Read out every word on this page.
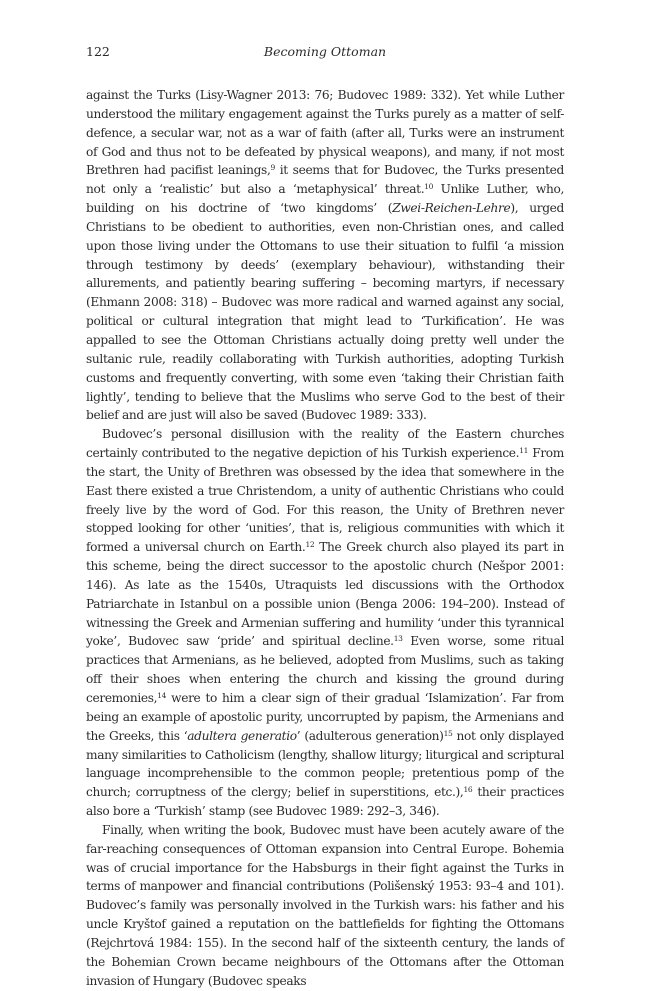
122	Becoming Ottoman

against the Turks (Lisy-Wagner 2013: 76; Budovec 1989: 332). Yet while Luther understood the military engagement against the Turks purely as a matter of self-defence, a secular war, not as a war of faith (after all, Turks were an instrument of God and thus not to be defeated by physical weapons), and many, if not most Brethren had pacifist leanings,$^9$ it seems that for Budovec, the Turks presented not only a ‘realistic’ but also a ‘metaphysical’ threat.$^{10}$ Unlike Luther, who, building on his doctrine of ‘two kingdoms’ (Zwei-Reichen-Lehre), urged Christians to be obedient to authorities, even non-Christian ones, and called upon those living under the Ottomans to use their situation to fulfil ‘a mission through testimony by deeds’ (exemplary behaviour), withstanding their allurements, and patiently bearing suffering – becoming martyrs, if necessary (Ehmann 2008: 318) – Budovec was more radical and warned against any social, political or cultural integration that might lead to ‘Turkification’. He was appalled to see the Ottoman Christians actually doing pretty well under the sultanic rule, readily collaborating with Turkish authorities, adopting Turkish customs and frequently converting, with some even ‘taking their Christian faith lightly’, tending to believe that the Muslims who serve God to the best of their belief and are just will also be saved (Budovec 1989: 333).

Budovec’s personal disillusion with the reality of the Eastern churches certainly contributed to the negative depiction of his Turkish experience.$^{11}$ From the start, the Unity of Brethren was obsessed by the idea that somewhere in the East there existed a true Christendom, a unity of authentic Christians who could freely live by the word of God. For this reason, the Unity of Brethren never stopped looking for other ‘unities’, that is, religious communities with which it formed a universal church on Earth.$^{12}$ The Greek church also played its part in this scheme, being the direct successor to the apostolic church (Nešpor 2001: 146). As late as the 1540s, Utraquists led discussions with the Orthodox Patriarchate in Istanbul on a possible union (Benga 2006: 194–200). Instead of witnessing the Greek and Armenian suffering and humility ‘under this tyrannical yoke’, Budovec saw ‘pride’ and spiritual decline.$^{13}$ Even worse, some ritual practices that Armenians, as he believed, adopted from Muslims, such as taking off their shoes when entering the church and kissing the ground during ceremonies,$^{14}$ were to him a clear sign of their gradual ‘Islamization’. Far from being an example of apostolic purity, uncorrupted by papism, the Armenians and the Greeks, this ‘adultera generatio’ (adulterous generation)$^{15}$ not only displayed many similarities to Catholicism (lengthy, shallow liturgy; liturgical and scriptural language incomprehensible to the common people; pretentious pomp of the church; corruptness of the clergy; belief in superstitions, etc.),$^{16}$ their practices also bore a ‘Turkish’ stamp (see Budovec 1989: 292–3, 346).

Finally, when writing the book, Budovec must have been acutely aware of the far-reaching consequences of Ottoman expansion into Central Europe. Bohemia was of crucial importance for the Habsburgs in their fight against the Turks in terms of manpower and financial contributions (Polišenský 1953: 93–4 and 101). Budovec’s family was personally involved in the Turkish wars: his father and his uncle Kryštof gained a reputation on the battlefields for fighting the Ottomans (Rejchrtová 1984: 155). In the second half of the sixteenth century, the lands of the Bohemian Crown became neighbours of the Ottomans after the Ottoman invasion of Hungary (Budovec speaks
